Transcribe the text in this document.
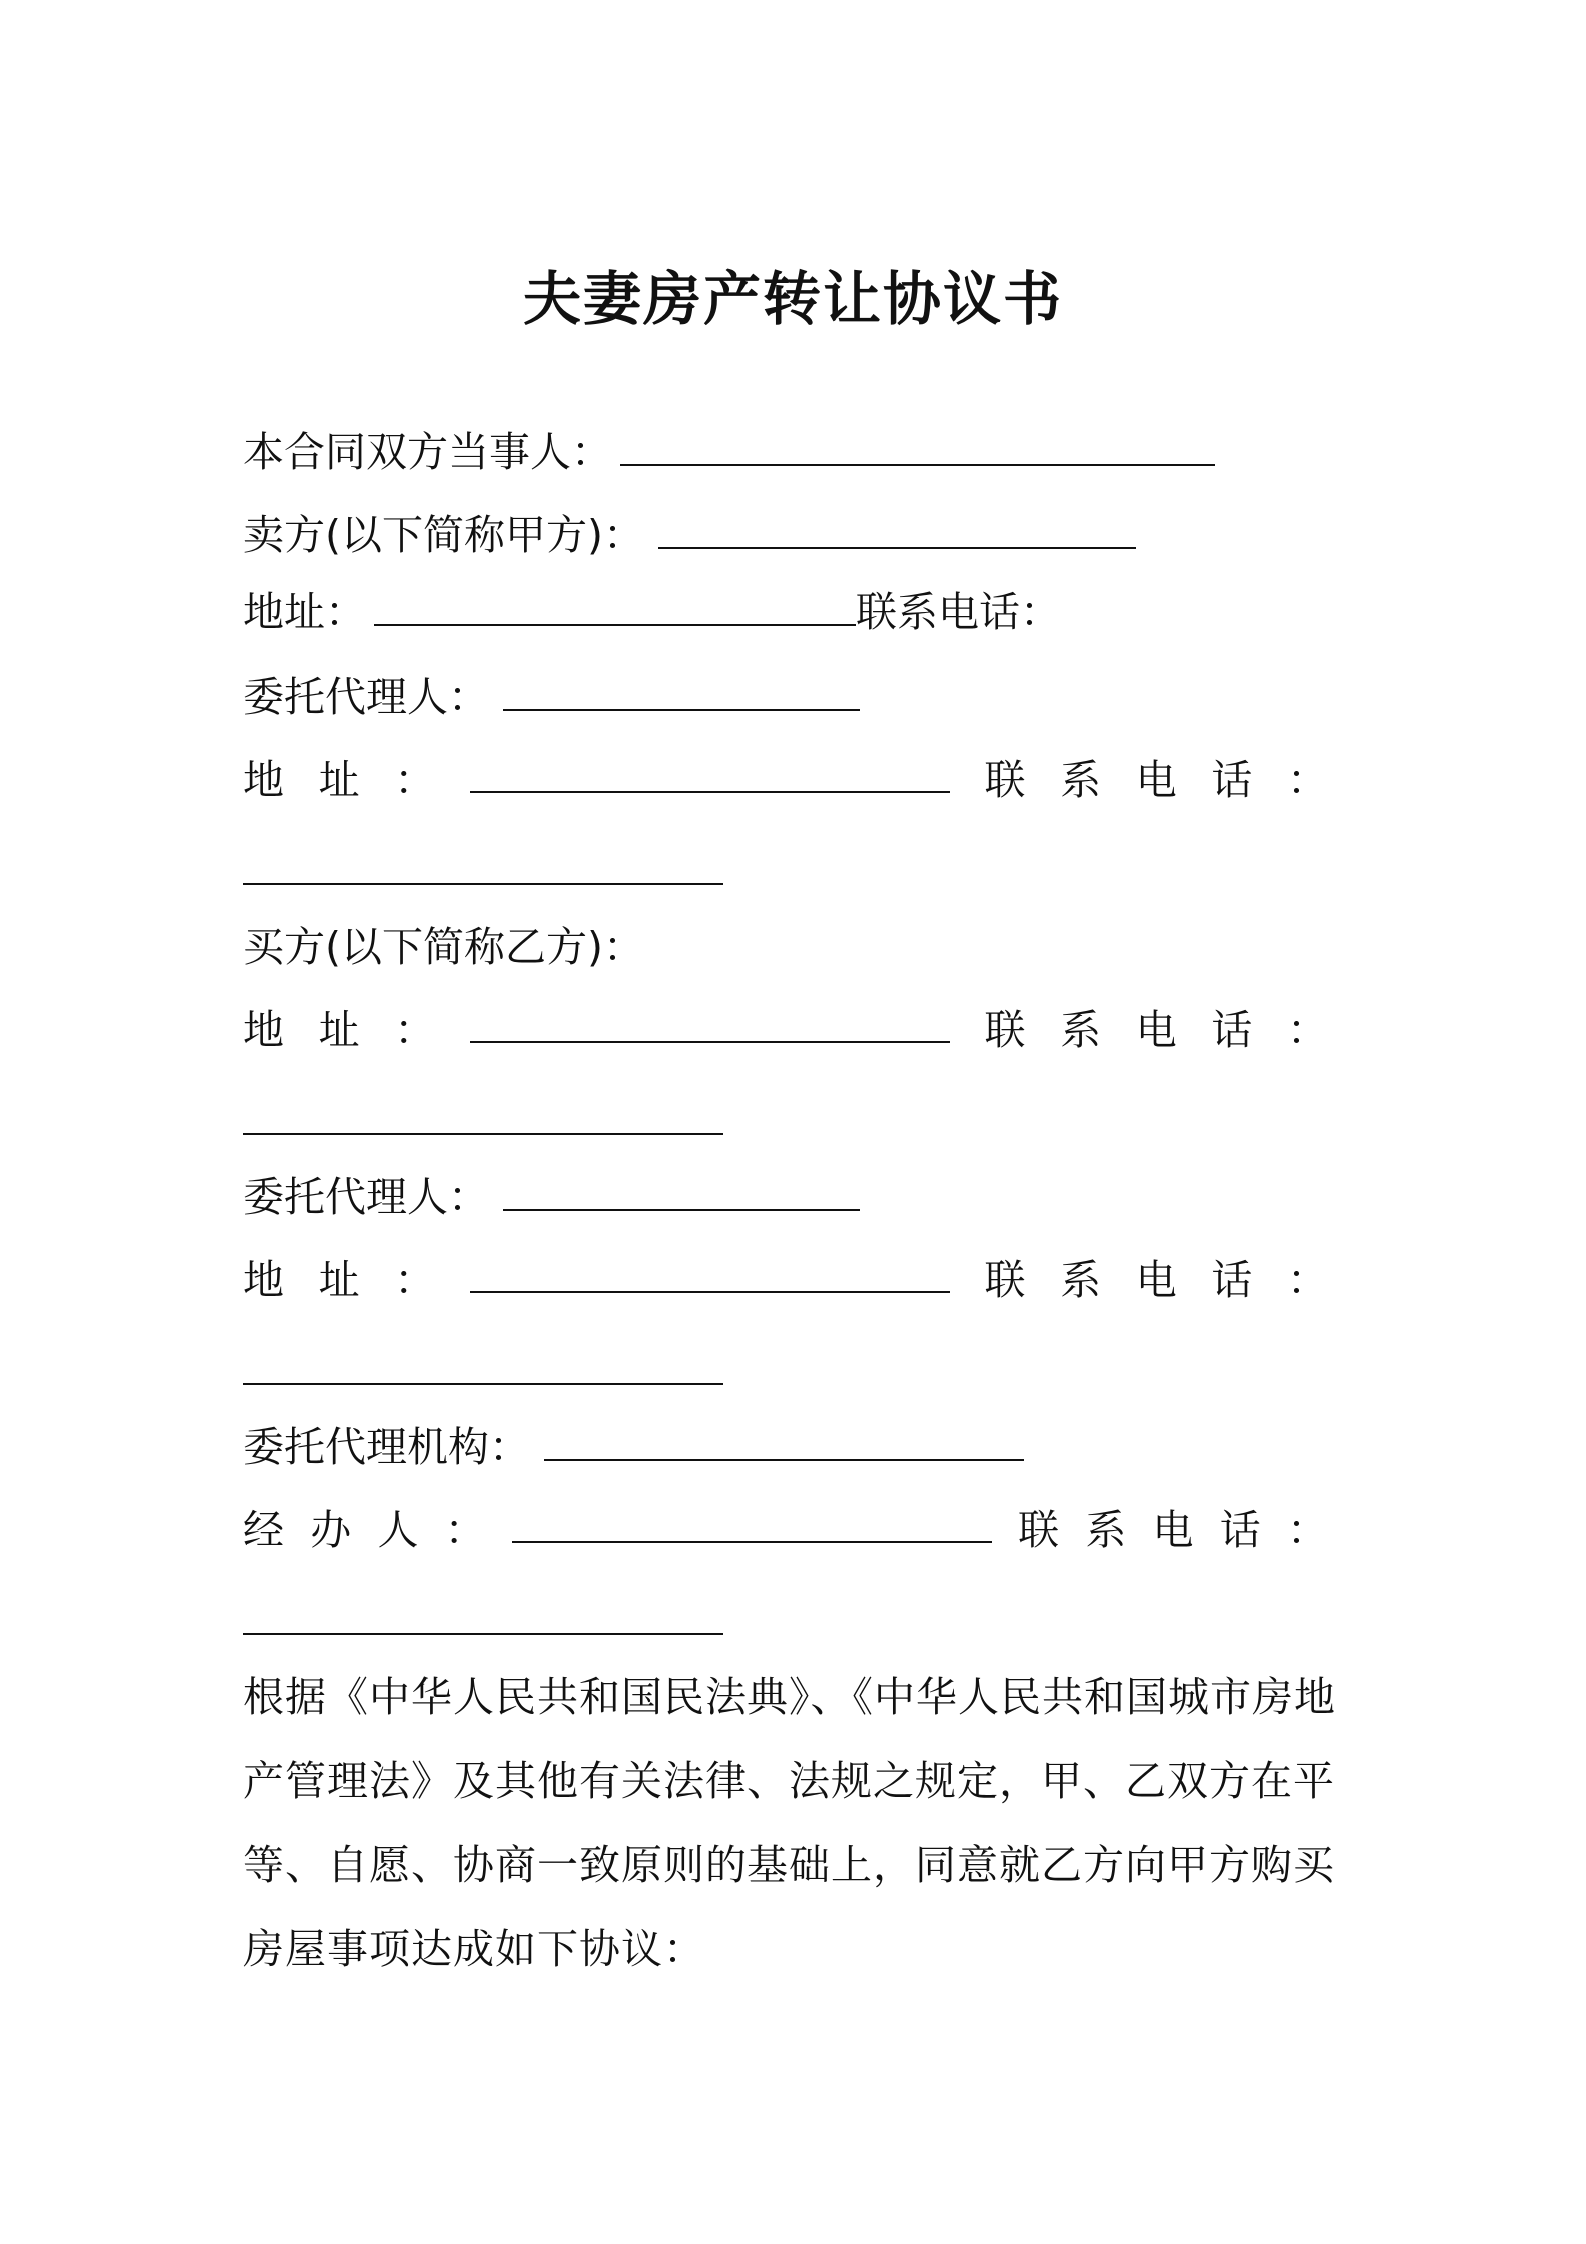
夫妻房产转让协议书
本合同双方当事人：
卖方(以下简称甲方)：
地址：	联系电话：
委托代理人：
地 址 ：	联 系 电 话 ：
买方(以下简称乙方)：
地 址 ：	联 系 电 话 ：
委托代理人：
地 址 ：	联 系 电 话 ：
委托代理机构：
经 办 人 ：	联 系 电 话 ：
根据《中华人民共和国民法典》、《中华人民共和国城市房地产管理法》及其他有关法律、法规之规定，甲、乙双方在平等、自愿、协商一致原则的基础上，同意就乙方向甲方购买房屋事项达成如下协议：
